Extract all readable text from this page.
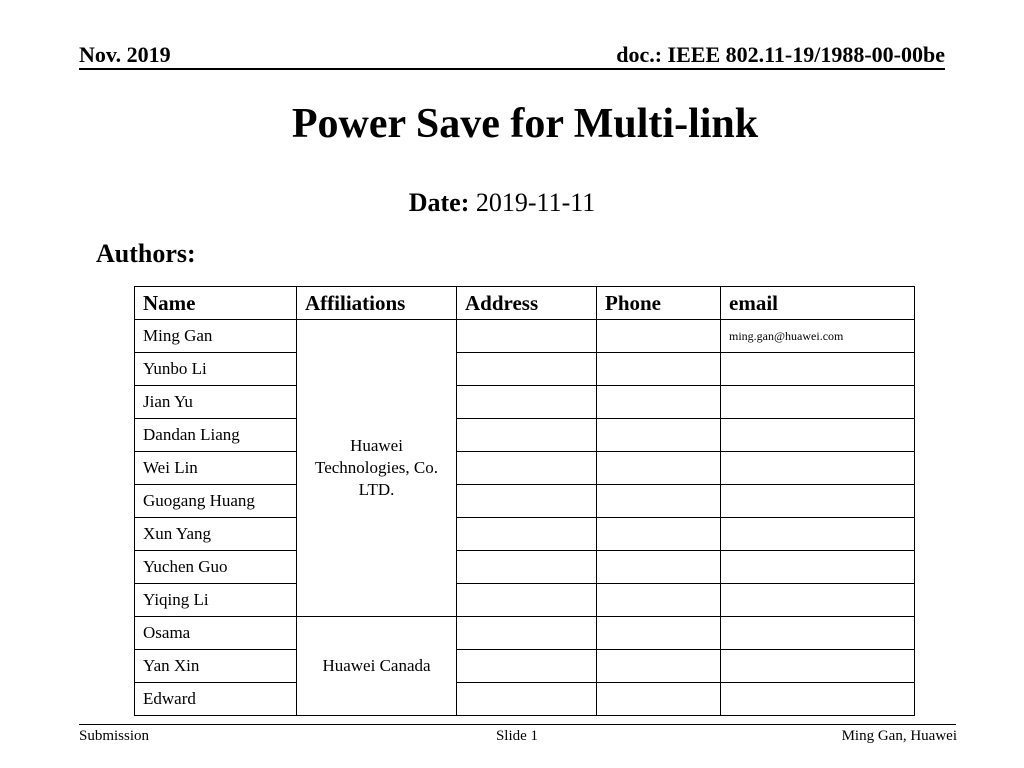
Nov. 2019	doc.: IEEE 802.11-19/1988-00-00be
Power Save for Multi-link
Date: 2019-11-11
Authors:
Name	Affiliations	Address	Phone	email
Ming Gan	Huawei Technologies, Co. LTD.			ming.gan@huawei.com
Yunbo Li				
Jian Yu				
Dandan Liang				
Wei Lin				
Guogang Huang				
Xun Yang				
Yuchen Guo				
Yiqing Li				
Osama	Huawei Canada			
Yan Xin				
Edward				
Submission	Slide 1	Ming Gan, Huawei
